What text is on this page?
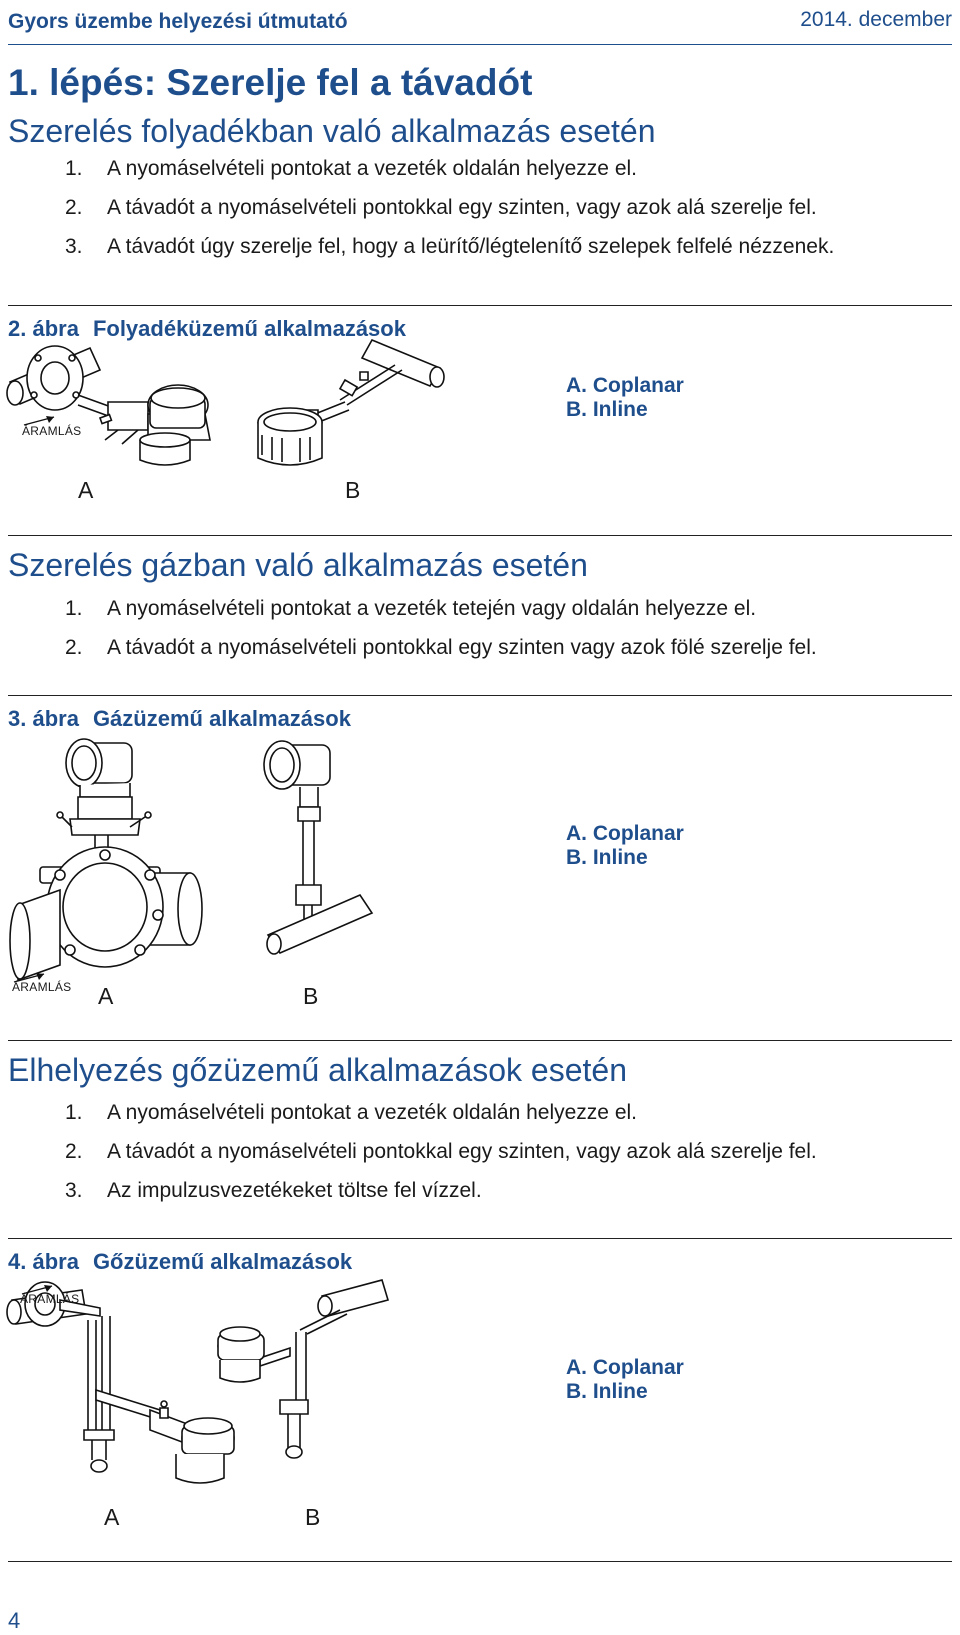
Gyors üzembe helyezési útmutató	2014. december
1. lépés: Szerelje fel a távadót
Szerelés folyadékban való alkalmazás esetén
1. A nyomáselvételi pontokat a vezeték oldalán helyezze el.
2. A távadót a nyomáselvételi pontokkal egy szinten, vagy azok alá szerelje fel.
3. A távadót úgy szerelje fel, hogy a leürítő/légtelenítő szelepek felfelé nézzenek.
2. ábra Folyadéküzemű alkalmazások
ÁRAMLÁS
A	B
A. Coplanar
B. Inline
Szerelés gázban való alkalmazás esetén
1. A nyomáselvételi pontokat a vezeték tetején vagy oldalán helyezze el.
2. A távadót a nyomáselvételi pontokkal egy szinten vagy azok fölé szerelje fel.
3. ábra Gázüzemű alkalmazások
ÁRAMLÁS A	B
A. Coplanar
B. Inline
Elhelyezés gőzüzemű alkalmazások esetén
1. A nyomáselvételi pontokat a vezeték oldalán helyezze el.
2. A távadót a nyomáselvételi pontokkal egy szinten, vagy azok alá szerelje fel.
3. Az impulzusvezetékeket töltse fel vízzel.
4. ábra Gőzüzemű alkalmazások
ÁRAMLÁS
A	B
A. Coplanar
B. Inline
4
